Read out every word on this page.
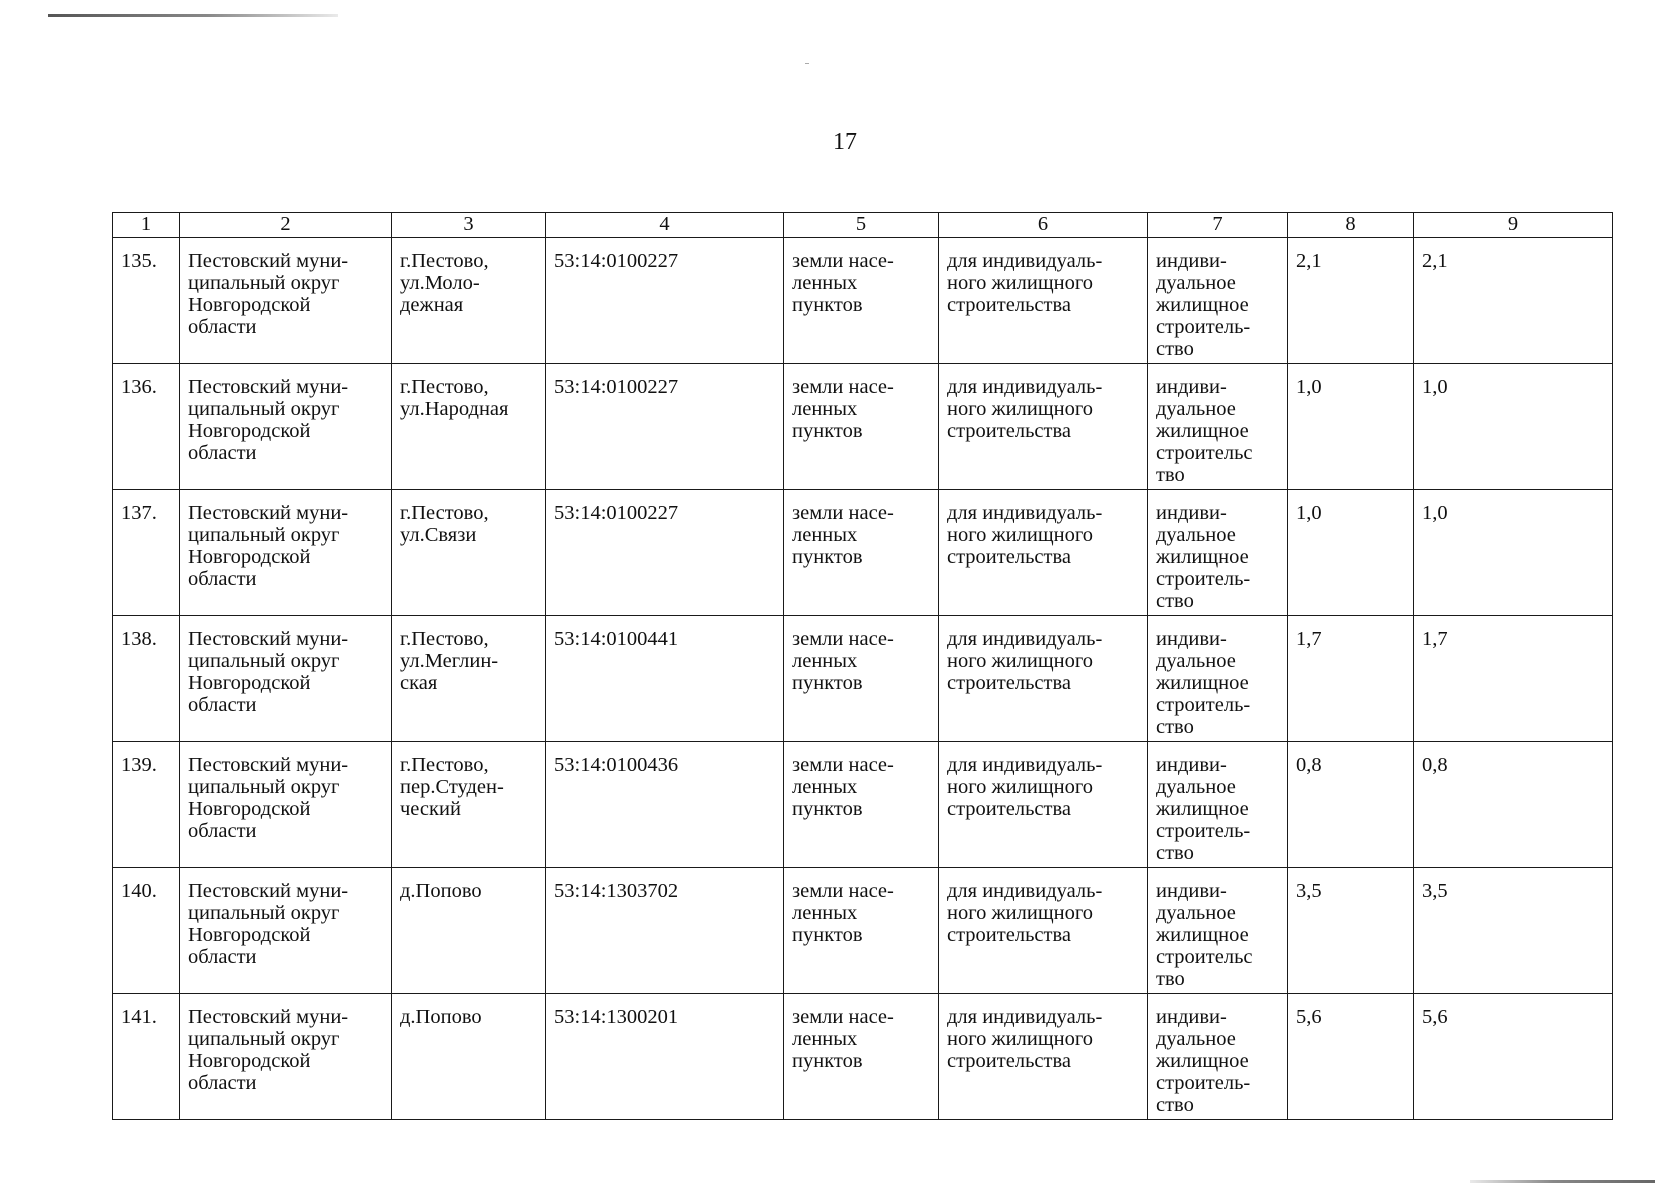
17
1	2	3	4	5	6	7	8	9
135.	Пестовский муни-
ципальный округ
Новгородской
области	г.Пестово,
ул.Моло-
дежная	53:14:0100227	земли насе-
ленных
пунктов	для индивидуаль-
ного жилищного
строительства	индиви-
дуальное
жилищное
строитель-
ство	2,1	2,1
136.	Пестовский муни-
ципальный округ
Новгородской
области	г.Пестово,
ул.Народная	53:14:0100227	земли насе-
ленных
пунктов	для индивидуаль-
ного жилищного
строительства	индиви-
дуальное
жилищное
строительс
тво	1,0	1,0
137.	Пестовский муни-
ципальный округ
Новгородской
области	г.Пестово,
ул.Связи	53:14:0100227	земли насе-
ленных
пунктов	для индивидуаль-
ного жилищного
строительства	индиви-
дуальное
жилищное
строитель-
ство	1,0	1,0
138.	Пестовский муни-
ципальный округ
Новгородской
области	г.Пестово,
ул.Меглин-
ская	53:14:0100441	земли насе-
ленных
пунктов	для индивидуаль-
ного жилищного
строительства	индиви-
дуальное
жилищное
строитель-
ство	1,7	1,7
139.	Пестовский муни-
ципальный округ
Новгородской
области	г.Пестово,
пер.Студен-
ческий	53:14:0100436	земли насе-
ленных
пунктов	для индивидуаль-
ного жилищного
строительства	индиви-
дуальное
жилищное
строитель-
ство	0,8	0,8
140.	Пестовский муни-
ципальный округ
Новгородской
области	д.Попово	53:14:1303702	земли насе-
ленных
пунктов	для индивидуаль-
ного жилищного
строительства	индиви-
дуальное
жилищное
строительс
тво	3,5	3,5
141.	Пестовский муни-
ципальный округ
Новгородской
области	д.Попово	53:14:1300201	земли насе-
ленных
пунктов	для индивидуаль-
ного жилищного
строительства	индиви-
дуальное
жилищное
строитель-
ство	5,6	5,6
